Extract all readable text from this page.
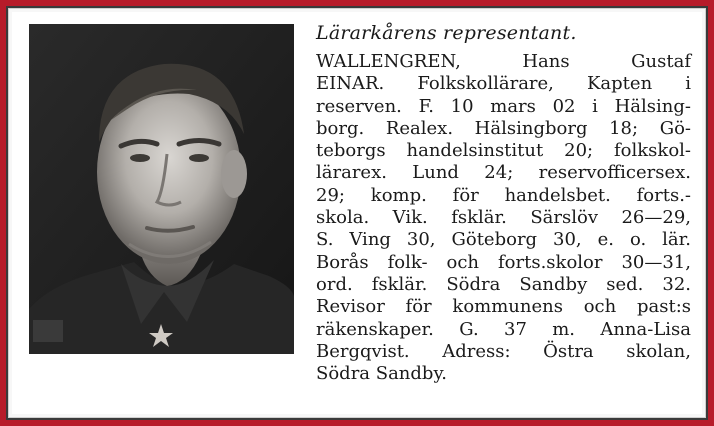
Lärarkårens representant.
WALLENGREN, Hans Gustaf
EINAR. Folkskollärare, Kapten i
reserven. F. 10 mars 02 i Hälsing-
borg. Realex. Hälsingborg 18; Gö-
teborgs handelsinstitut 20; folkskol-
lärarex. Lund 24; reservofficersex.
29; komp. för handelsbet. forts.-
skola. Vik. fsklär. Särslöv 26—29,
S. Ving 30, Göteborg 30, e. o. lär.
Borås folk- och forts.skolor 30—31,
ord. fsklär. Södra Sandby sed. 32.
Revisor för kommunens och past:s
räkenskaper. G. 37 m. Anna-Lisa
Bergqvist. Adress: Östra skolan,
Södra Sandby.
